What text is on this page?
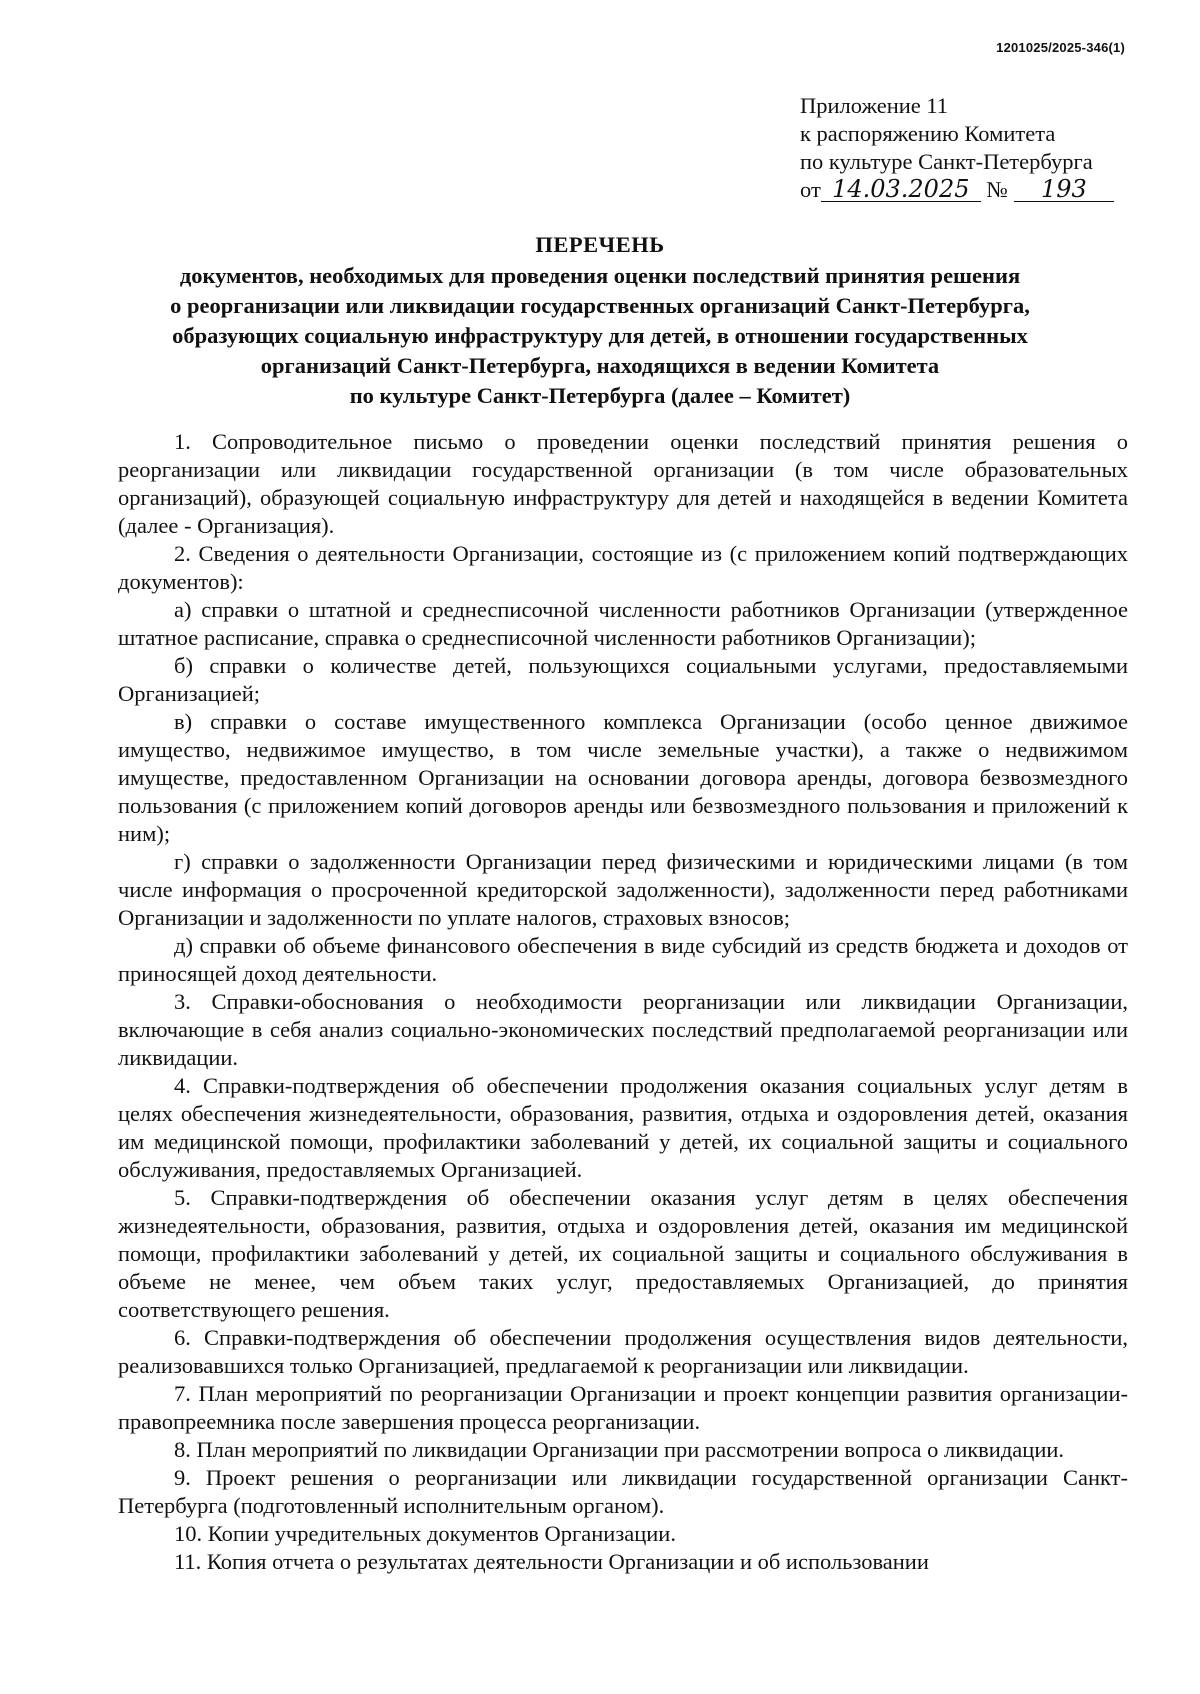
1201025/2025-346(1)
Приложение 11
к распоряжению Комитета
по культуре Санкт-Петербурга
от 14.03.2025 № 193
ПЕРЕЧЕНЬ
документов, необходимых для проведения оценки последствий принятия решения
о реорганизации или ликвидации государственных организаций Санкт-Петербурга,
образующих социальную инфраструктуру для детей, в отношении государственных
организаций Санкт-Петербурга, находящихся в ведении Комитета
по культуре Санкт-Петербурга (далее – Комитет)

1. Сопроводительное письмо о проведении оценки последствий принятия решения о реорганизации или ликвидации государственной организации (в том числе образовательных организаций), образующей социальную инфраструктуру для детей и находящейся в ведении Комитета (далее - Организация).

2. Сведения о деятельности Организации, состоящие из (с приложением копий подтверждающих документов):

а) справки о штатной и среднесписочной численности работников Организации (утвержденное штатное расписание, справка о среднесписочной численности работников Организации);

б) справки о количестве детей, пользующихся социальными услугами, предоставляемыми Организацией;

в) справки о составе имущественного комплекса Организации (особо ценное движимое имущество, недвижимое имущество, в том числе земельные участки), а также о недвижимом имуществе, предоставленном Организации на основании договора аренды, договора безвозмездного пользования (с приложением копий договоров аренды или безвозмездного пользования и приложений к ним);

г) справки о задолженности Организации перед физическими и юридическими лицами (в том числе информация о просроченной кредиторской задолженности), задолженности перед работниками Организации и задолженности по уплате налогов, страховых взносов;

д) справки об объеме финансового обеспечения в виде субсидий из средств бюджета и доходов от приносящей доход деятельности.

3. Справки-обоснования о необходимости реорганизации или ликвидации Организации, включающие в себя анализ социально-экономических последствий предполагаемой реорганизации или ликвидации.

4. Справки-подтверждения об обеспечении продолжения оказания социальных услуг детям в целях обеспечения жизнедеятельности, образования, развития, отдыха и оздоровления детей, оказания им медицинской помощи, профилактики заболеваний у детей, их социальной защиты и социального обслуживания, предоставляемых Организацией.

5. Справки-подтверждения об обеспечении оказания услуг детям в целях обеспечения жизнедеятельности, образования, развития, отдыха и оздоровления детей, оказания им медицинской помощи, профилактики заболеваний у детей, их социальной защиты и социального обслуживания в объеме не менее, чем объем таких услуг, предоставляемых Организацией, до принятия соответствующего решения.

6. Справки-подтверждения об обеспечении продолжения осуществления видов деятельности, реализовавшихся только Организацией, предлагаемой к реорганизации или ликвидации.

7. План мероприятий по реорганизации Организации и проект концепции развития организации-правопреемника после завершения процесса реорганизации.

8. План мероприятий по ликвидации Организации при рассмотрении вопроса о ликвидации.

9. Проект решения о реорганизации или ликвидации государственной организации Санкт-Петербурга (подготовленный исполнительным органом).

10. Копии учредительных документов Организации.

11. Копия отчета о результатах деятельности Организации и об использовании
